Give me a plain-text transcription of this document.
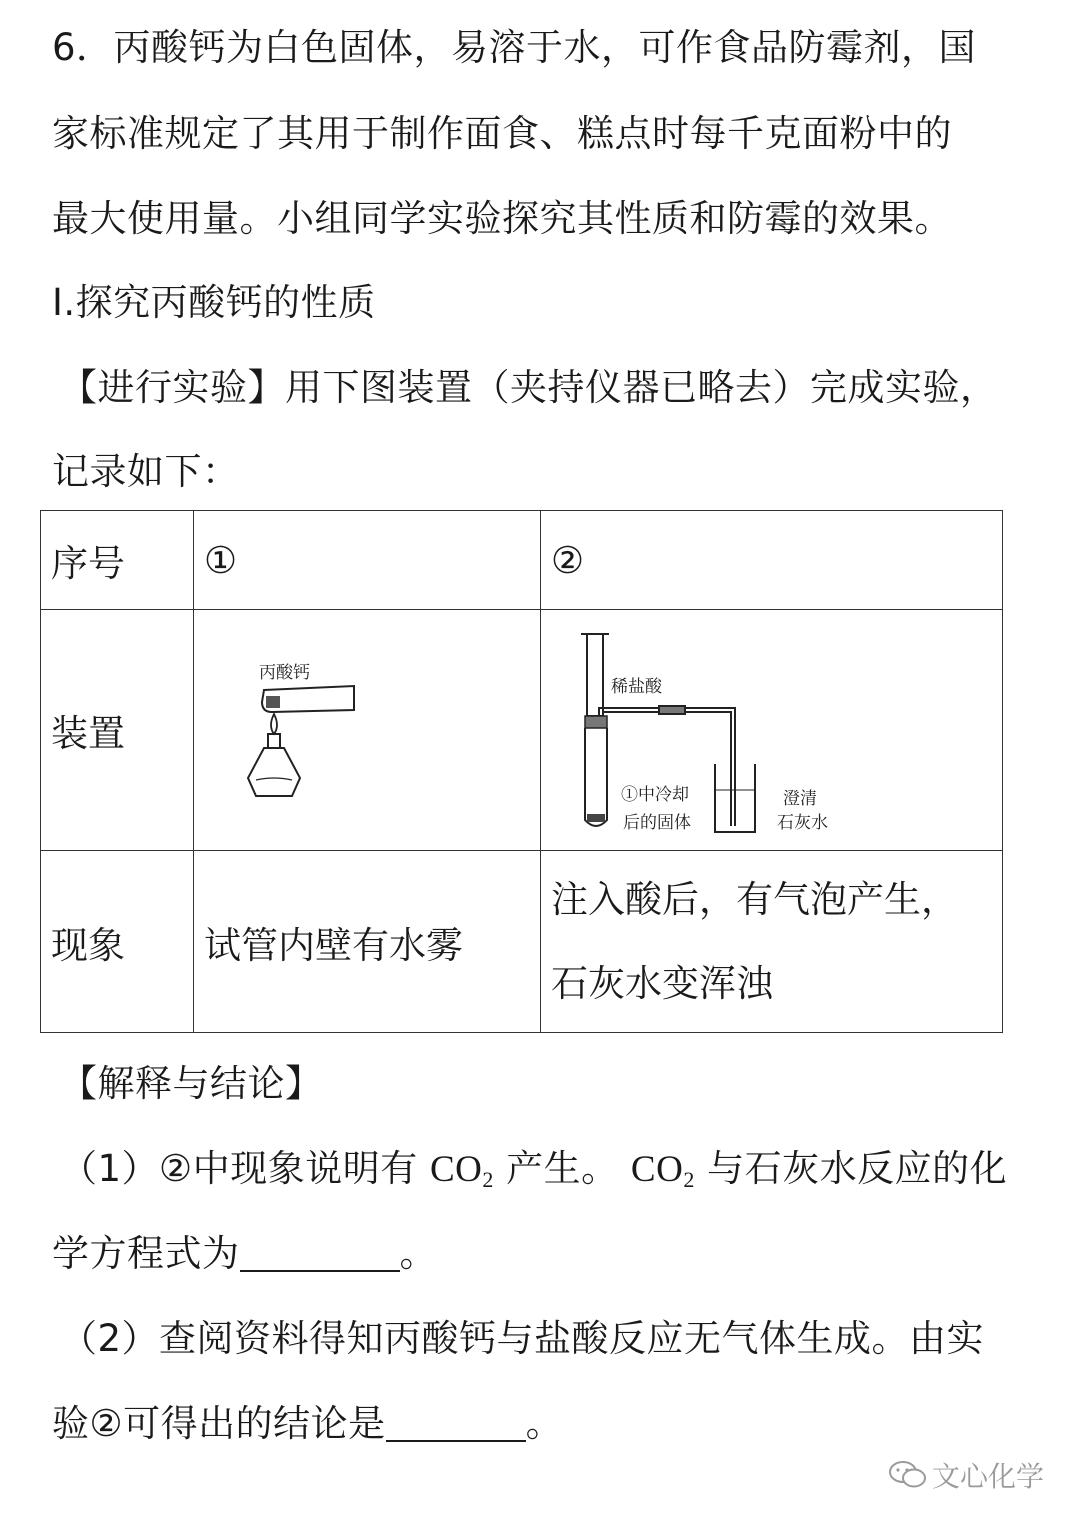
6．丙酸钙为白色固体，易溶于水，可作食品防霉剂，国
家标准规定了其用于制作面食、糕点时每千克面粉中的
最大使用量。小组同学实验探究其性质和防霉的效果。
I.探究丙酸钙的性质
【进行实验】用下图装置（夹持仪器已略去）完成实验，
记录如下：
序号	①	②
装置	丙酸钙	稀盐酸
①中冷却
后的固体
澄清
石灰水

现象	试管内壁有水雾	注入酸后，有气泡产生，
石灰水变浑浊
【解释与结论】
（1）②中现象说明有 $CO_2$ 产生。 $CO_2$ 与石灰水反应的化
学方程式为	。
（2）查阅资料得知丙酸钙与盐酸反应无气体生成。由实
验②可得出的结论是	。
文心化学
